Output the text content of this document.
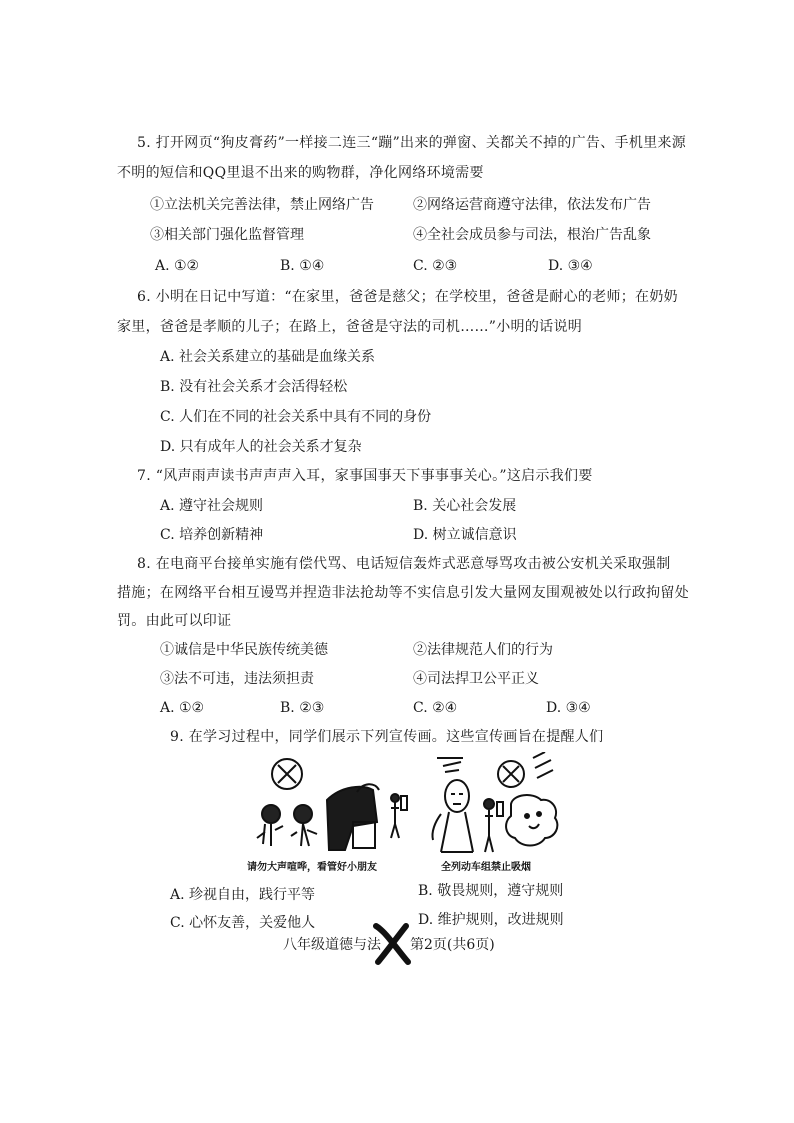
5. 打开网页“狗皮膏药”一样接二连三“蹦”出来的弹窗、关都关不掉的广告、手机里来源
不明的短信和QQ里退不出来的购物群，净化网络环境需要
①立法机关完善法律，禁止网络广告	②网络运营商遵守法律，依法发布广告
③相关部门强化监督管理	④全社会成员参与司法，根治广告乱象
A. ①②	B. ①④	C. ②③	D. ③④
6. 小明在日记中写道：“在家里，爸爸是慈父；在学校里，爸爸是耐心的老师；在奶奶
家里，爸爸是孝顺的儿子；在路上，爸爸是守法的司机……”小明的话说明
A. 社会关系建立的基础是血缘关系
B. 没有社会关系才会活得轻松
C. 人们在不同的社会关系中具有不同的身份
D. 只有成年人的社会关系才复杂
7. “风声雨声读书声声声入耳，家事国事天下事事事关心。”这启示我们要
A. 遵守社会规则	B. 关心社会发展
C. 培养创新精神	D. 树立诚信意识
8. 在电商平台接单实施有偿代骂、电话短信轰炸式恶意辱骂攻击被公安机关采取强制
措施；在网络平台相互谩骂并捏造非法抢劫等不实信息引发大量网友围观被处以行政拘留处
罚。由此可以印证
①诚信是中华民族传统美德	②法律规范人们的行为
③法不可违，违法须担责	④司法捍卫公平正义
A. ①②	B. ②③	C. ②④	D. ③④
9. 在学习过程中，同学们展示下列宣传画。这些宣传画旨在提醒人们
请勿大声喧哗，看管好小朋友	全列动车组禁止吸烟
A. 珍视自由，践行平等	B. 敬畏规则，遵守规则
C. 心怀友善，关爱他人	D. 维护规则，改进规则
八年级道德与法 第2页(共6页)
